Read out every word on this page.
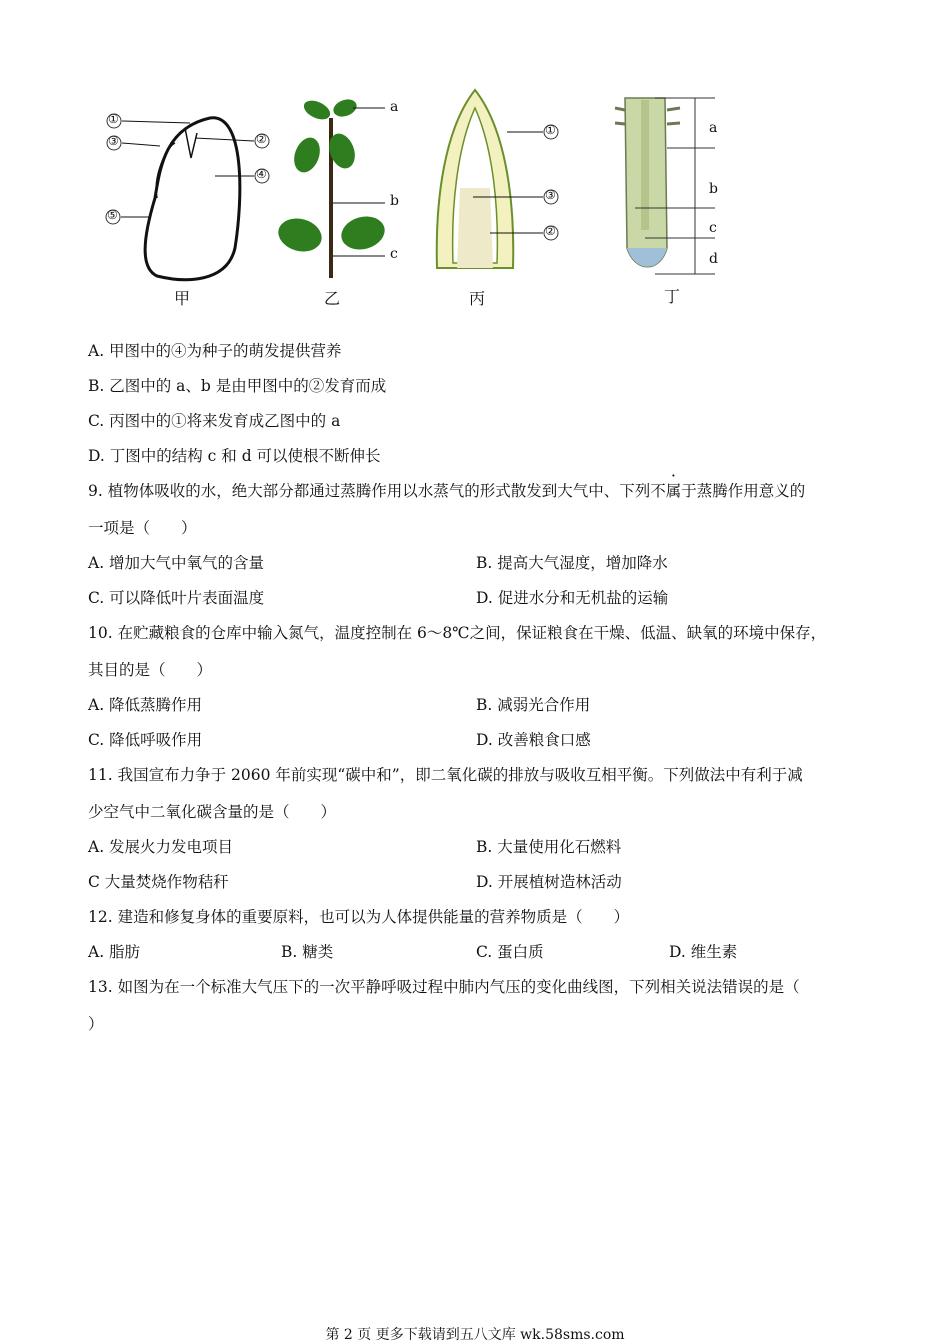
甲	乙	丙	丁
①
②
③
④
⑤
a
b
c
①
②
③
a
b
c
d
A. 甲图中的④为种子的萌发提供营养
B. 乙图中的 a、b 是由甲图中的②发育而成
C. 丙图中的①将来发育成乙图中的 a
D. 丁图中的结构 c 和 d 可以使根不断伸长
9. 植物体吸收的水，绝大部分都通过蒸腾作用以水蒸气的形式散发到大气中、下列不属于蒸腾作用意义的
一项是（　　）
A. 增加大气中氧气的含量	B. 提高大气湿度，增加降水
C. 可以降低叶片表面温度	D. 促进水分和无机盐的运输
10. 在贮藏粮食的仓库中输入氮气，温度控制在 6～8℃之间，保证粮食在干燥、低温、缺氧的环境中保存，
其目的是（　　）
A. 降低蒸腾作用	B. 减弱光合作用
C. 降低呼吸作用	D. 改善粮食口感
11. 我国宣布力争于 2060 年前实现“碳中和”，即二氧化碳的排放与吸收互相平衡。下列做法中有利于减
少空气中二氧化碳含量的是（　　）
A. 发展火力发电项目	B. 大量使用化石燃料
C 大量焚烧作物秸秆	D. 开展植树造林活动
12. 建造和修复身体的重要原料，也可以为人体提供能量的营养物质是（　　）
A. 脂肪	B. 糖类	C. 蛋白质	D. 维生素
13. 如图为在一个标准大气压下的一次平静呼吸过程中肺内气压的变化曲线图，下列相关说法错误的是（
）
第 2 页 更多下载请到五八文库 wk.58sms.com
